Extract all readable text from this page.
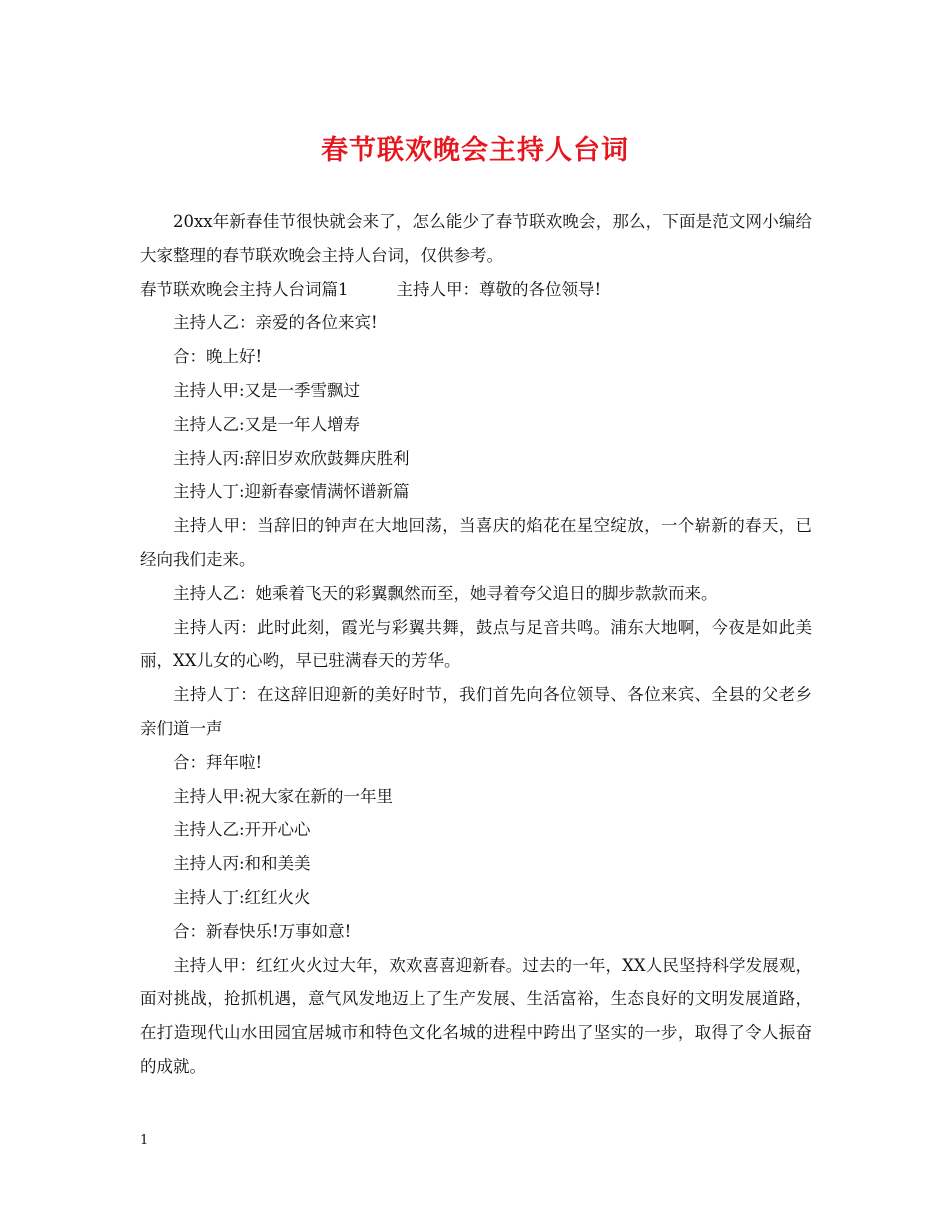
春节联欢晚会主持人台词

20xx年新春佳节很快就会来了，怎么能少了春节联欢晚会，那么，下面是范文网小编给大家整理的春节联欢晚会主持人台词，仅供参考。

春节联欢晚会主持人台词篇1	主持人甲：尊敬的各位领导!

主持人乙：亲爱的各位来宾!

合：晚上好!

主持人甲:又是一季雪飘过

主持人乙:又是一年人增寿

主持人丙:辞旧岁欢欣鼓舞庆胜利

主持人丁:迎新春豪情满怀谱新篇

主持人甲：当辞旧的钟声在大地回荡，当喜庆的焰花在星空绽放，一个崭新的春天，已经向我们走来。

主持人乙：她乘着飞天的彩翼飘然而至，她寻着夸父追日的脚步款款而来。

主持人丙：此时此刻，霞光与彩翼共舞，鼓点与足音共鸣。浦东大地啊，今夜是如此美丽，XX儿女的心哟，早已驻满春天的芳华。

主持人丁：在这辞旧迎新的美好时节，我们首先向各位领导、各位来宾、全县的父老乡亲们道一声

合：拜年啦!

主持人甲:祝大家在新的一年里

主持人乙:开开心心

主持人丙:和和美美

主持人丁:红红火火

合：新春快乐!万事如意!

主持人甲：红红火火过大年，欢欢喜喜迎新春。过去的一年，XX人民坚持科学发展观，面对挑战，抢抓机遇，意气风发地迈上了生产发展、生活富裕，生态良好的文明发展道路，在打造现代山水田园宜居城市和特色文化名城的进程中跨出了坚实的一步，取得了令人振奋的成就。

1
